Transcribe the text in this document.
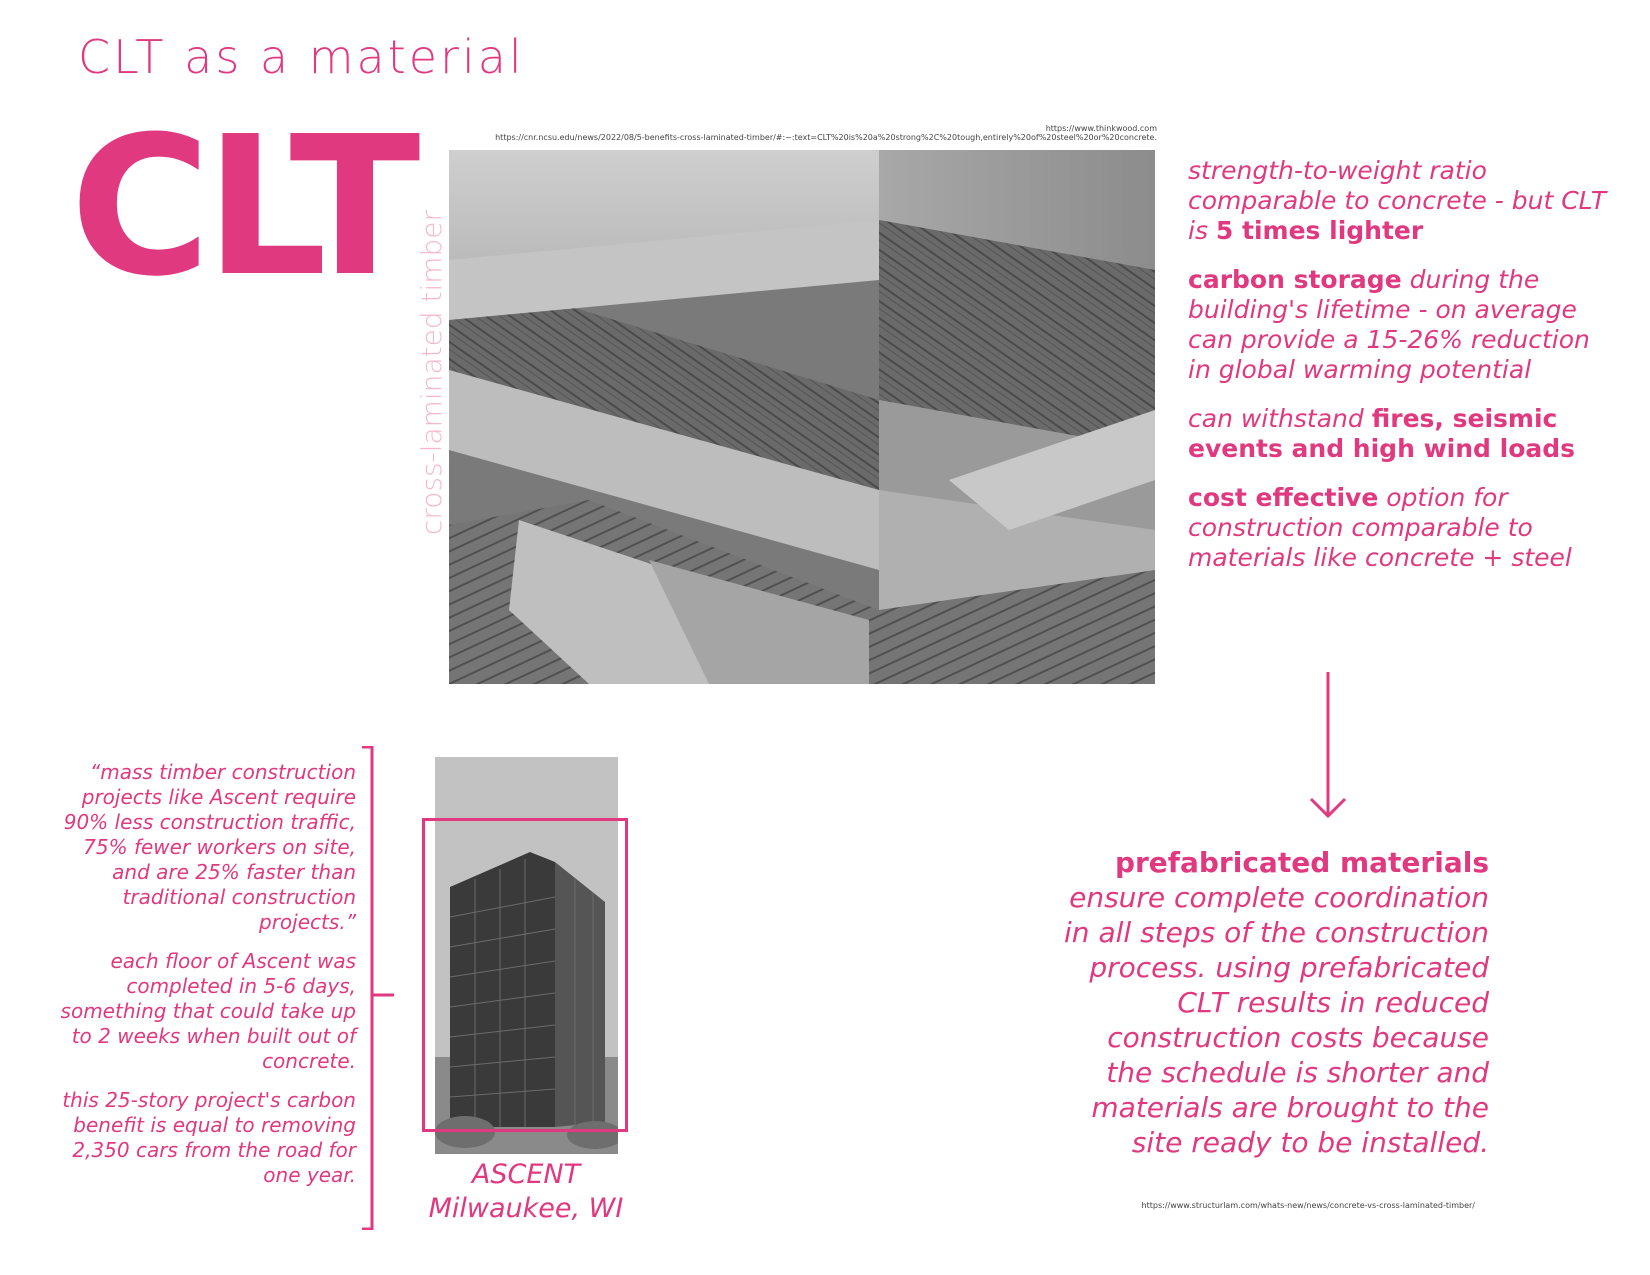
CLT as a material
CLT
cross-laminated timber
https://www.thinkwood.com
https://cnr.ncsu.edu/news/2022/08/5-benefits-cross-laminated-timber/#:~:text=CLT%20is%20a%20strong%2C%20tough,entirely%20of%20steel%20or%20concrete.

strength-to-weight ratio comparable to concrete - but CLT is 5 times lighter

carbon storage during the building's lifetime - on average can provide a 15-26% reduction in global warming potential

can withstand fires, seismic events and high wind loads

cost effective option for construction comparable to materials like concrete + steel

prefabricated materials ensure complete coordination in all steps of the construction process. using prefabricated CLT results in reduced construction costs because the schedule is shorter and materials are brought to the site ready to be installed.
https://www.structurlam.com/whats-new/news/concrete-vs-cross-laminated-timber/

“mass timber construction projects like Ascent require 90% less construction traffic, 75% fewer workers on site, and are 25% faster than traditional construction projects.”

each floor of Ascent was completed in 5-6 days, something that could take up to 2 weeks when built out of concrete.

this 25-story project's carbon benefit is equal to removing 2,350 cars from the road for one year.	ASCENT
Milwaukee, WI
